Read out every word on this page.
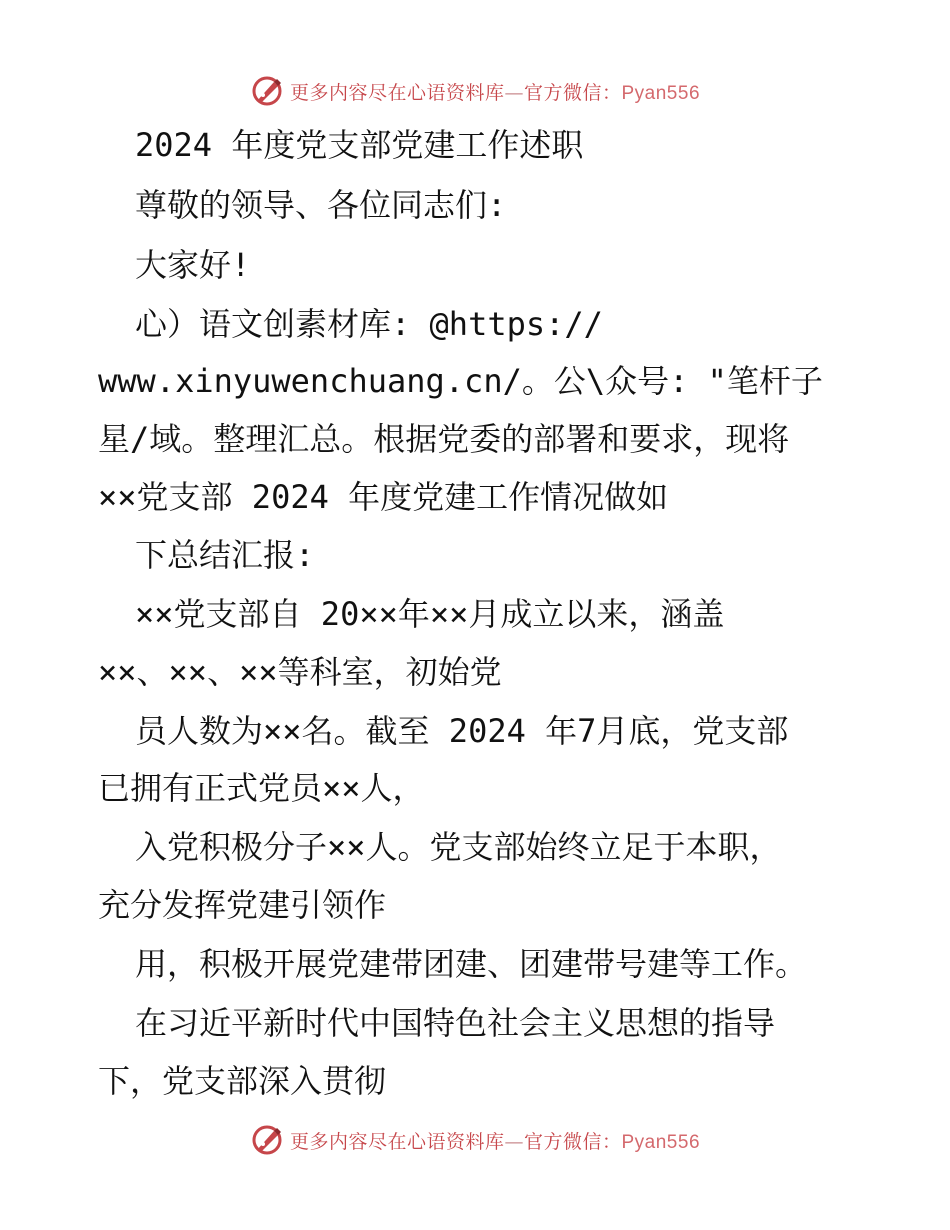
更多内容尽在心语资料库—官方微信：Pyan556
2024 年度党支部党建工作述职
尊敬的领导、各位同志们:
大家好!
心）语文创素材库: @https://
www.xinyuwenchuang.cn/。公\众号: "笔杆子
星/域。整理汇总。根据党委的部署和要求，现将
××党支部 2024 年度党建工作情况做如
下总结汇报:
××党支部自 20××年××月成立以来，涵盖
××、××、××等科室，初始党
员人数为××名。截至 2024 年7月底，党支部
已拥有正式党员××人，
入党积极分子××人。党支部始终立足于本职，
充分发挥党建引领作
用，积极开展党建带团建、团建带号建等工作。
在习近平新时代中国特色社会主义思想的指导
下，党支部深入贯彻
更多内容尽在心语资料库—官方微信：Pyan556
